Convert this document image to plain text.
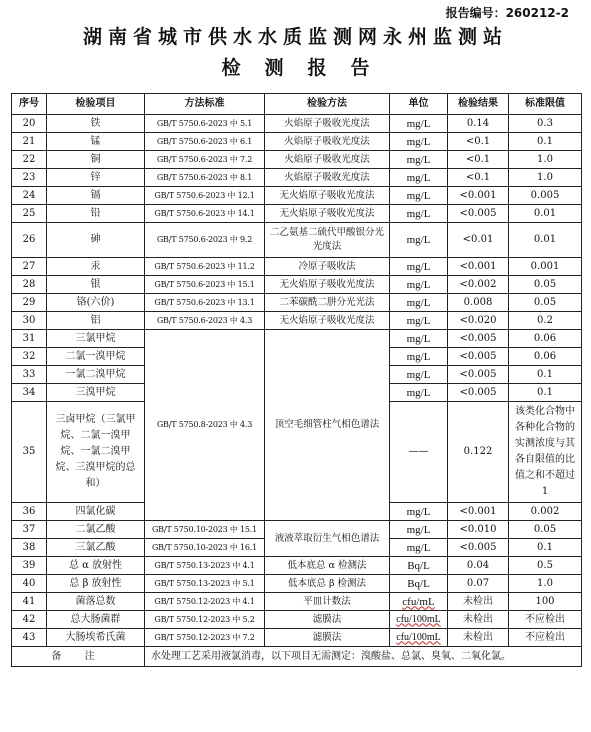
报告编号：260212-2
湖南省城市供水水质监测网永州监测站
检测报告
序号	检验项目	方法标准	检验方法	单位	检验结果	标准限值
20	铁	GB/T 5750.6-2023 中 5.1	火焰原子吸收光度法	mg/L	0.14	0.3
21	锰	GB/T 5750.6-2023 中 6.1	火焰原子吸收光度法	mg/L	<0.1	0.1
22	铜	GB/T 5750.6-2023 中 7.2	火焰原子吸收光度法	mg/L	<0.1	1.0
23	锌	GB/T 5750.6-2023 中 8.1	火焰原子吸收光度法	mg/L	<0.1	1.0
24	镉	GB/T 5750.6-2023 中 12.1	无火焰原子吸收光度法	mg/L	<0.001	0.005
25	铅	GB/T 5750.6-2023 中 14.1	无火焰原子吸收光度法	mg/L	<0.005	0.01
26	砷	GB/T 5750.6-2023 中 9.2	二乙氨基二硫代甲酸银分光光度法	mg/L	<0.01	0.01
27	汞	GB/T 5750.6-2023 中 11.2	冷原子吸收法	mg/L	<0.001	0.001
28	银	GB/T 5750.6-2023 中 15.1	无火焰原子吸收光度法	mg/L	<0.002	0.05
29	铬(六价)	GB/T 5750.6-2023 中 13.1	二苯碳酰二肼分光光法	mg/L	0.008	0.05
30	铝	GB/T 5750.6-2023 中 4.3	无火焰原子吸收光度法	mg/L	<0.020	0.2
31	三氯甲烷	GB/T 5750.8-2023 中 4.3	顶空毛细管柱气相色谱法	mg/L	<0.005	0.06
32	二氯一溴甲烷			mg/L	<0.005	0.06
33	一氯二溴甲烷			mg/L	<0.005	0.1
34	三溴甲烷			mg/L	<0.005	0.1
35	三卤甲烷（三氯甲烷、二氯一溴甲烷、一氯二溴甲烷、三溴甲烷的总和）			——	0.122	该类化合物中各种化合物的实测浓度与其各自限值的比值之和不超过 1
36	四氯化碳			mg/L	<0.001	0.002
37	二氯乙酸	GB/T 5750.10-2023 中 15.1	液液萃取衍生气相色谱法	mg/L	<0.010	0.05
38	三氯乙酸	GB/T 5750.10-2023 中 16.1		mg/L	<0.005	0.1
39	总 α 放射性	GB/T 5750.13-2023 中 4.1	低本底总 α 检测法	Bq/L	0.04	0.5
40	总 β 放射性	GB/T 5750.13-2023 中 5.1	低本底总 β 检测法	Bq/L	0.07	1.0
41	菌落总数	GB/T 5750.12-2023 中 4.1	平皿计数法	cfu/mL	未检出	100
42	总大肠菌群	GB/T 5750.12-2023 中 5.2	滤膜法	cfu/100mL	未检出	不应检出
43	大肠埃希氏菌	GB/T 5750.12-2023 中 7.2	滤膜法	cfu/100mL	未检出	不应检出
备 注		水处理工艺采用液氯消毒，以下项目无需测定：溴酸盐、总氯、臭氧、二氧化氯。				
